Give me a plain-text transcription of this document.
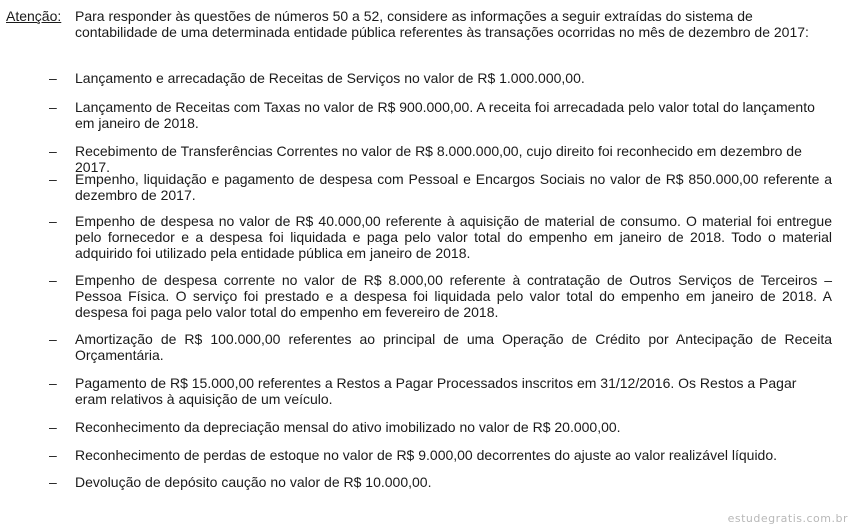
Atenção: Para responder às questões de números 50 a 52, considere as informações a seguir extraídas do sistema de contabilidade de uma determinada entidade pública referentes às transações ocorridas no mês de dezembro de 2017:
– Lançamento e arrecadação de Receitas de Serviços no valor de R$ 1.000.000,00.
– Lançamento de Receitas com Taxas no valor de R$ 900.000,00. A receita foi arrecadada pelo valor total do lançamento em janeiro de 2018.
– Recebimento de Transferências Correntes no valor de R$ 8.000.000,00, cujo direito foi reconhecido em dezembro de 2017.
– Empenho, liquidação e pagamento de despesa com Pessoal e Encargos Sociais no valor de R$ 850.000,00 referente a dezembro de 2017.
– Empenho de despesa no valor de R$ 40.000,00 referente à aquisição de material de consumo. O material foi entregue pelo fornecedor e a despesa foi liquidada e paga pelo valor total do empenho em janeiro de 2018. Todo o material adquirido foi utilizado pela entidade pública em janeiro de 2018.
– Empenho de despesa corrente no valor de R$ 8.000,00 referente à contratação de Outros Serviços de Terceiros – Pessoa Física. O serviço foi prestado e a despesa foi liquidada pelo valor total do empenho em janeiro de 2018. A despesa foi paga pelo valor total do empenho em fevereiro de 2018.
– Amortização de R$ 100.000,00 referentes ao principal de uma Operação de Crédito por Antecipação de Receita Orçamentária.
– Pagamento de R$ 15.000,00 referentes a Restos a Pagar Processados inscritos em 31/12/2016. Os Restos a Pagar eram relativos à aquisição de um veículo.
– Reconhecimento da depreciação mensal do ativo imobilizado no valor de R$ 20.000,00.
– Reconhecimento de perdas de estoque no valor de R$ 9.000,00 decorrentes do ajuste ao valor realizável líquido.
– Devolução de depósito caução no valor de R$ 10.000,00.
estudegratis.com.br
